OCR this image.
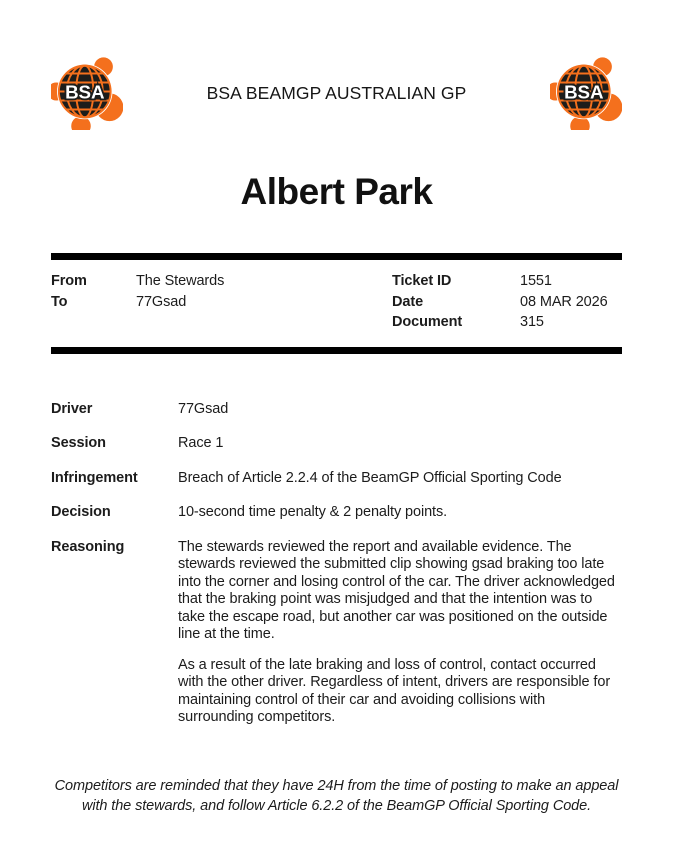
BSA	BSA BEAMGP AUSTRALIAN GP	BSA
Albert Park
From	The Stewards
To	77Gsad
Ticket ID	1551
Date	08 MAR 2026
Document	315
Driver	77Gsad
Session	Race 1
Infringement	Breach of Article 2.2.4 of the BeamGP Official Sporting Code
Decision	10-second time penalty & 2 penalty points.
Reasoning	The stewards reviewed the report and available evidence. The stewards reviewed the submitted clip showing gsad braking too late into the corner and losing control of the car. The driver acknowledged that the braking point was misjudged and that the intention was to take the escape road, but another car was positioned on the outside line at the time.

As a result of the late braking and loss of control, contact occurred with the other driver. Regardless of intent, drivers are responsible for maintaining control of their car and avoiding collisions with surrounding competitors.

Competitors are reminded that they have 24H from the time of posting to make an appeal with the stewards, and follow Article 6.2.2 of the BeamGP Official Sporting Code.
